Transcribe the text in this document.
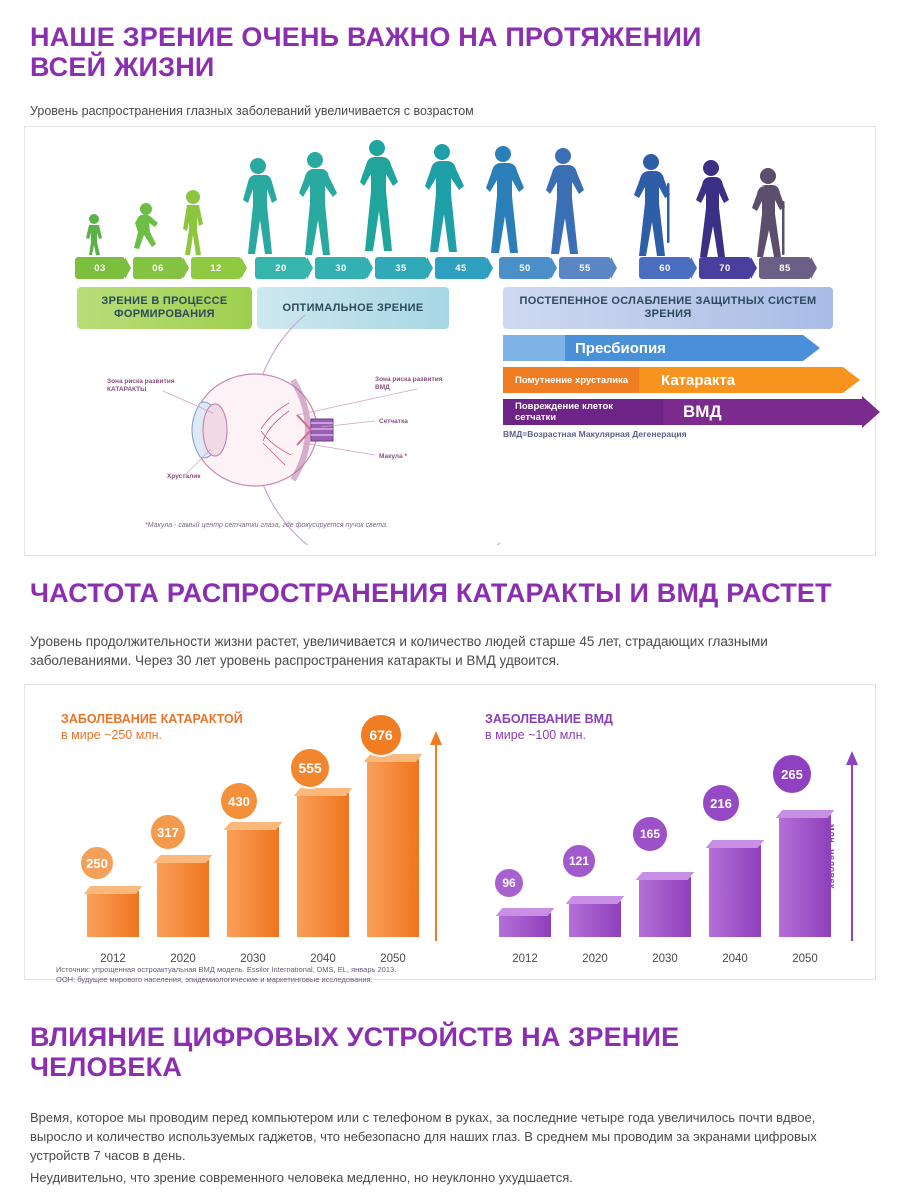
НАШЕ ЗРЕНИЕ ОЧЕНЬ ВАЖНО НА ПРОТЯЖЕНИИ ВСЕЙ ЖИЗНИ
Уровень распространения глазных заболеваний увеличивается с возрастом
03	06	12	20	30	35	45	50	55	60	70	85
ЗРЕНИЕ В ПРОЦЕССЕ ФОРМИРОВАНИЯ
ОПТИМАЛЬНОЕ ЗРЕНИЕ
ПОСТЕПЕННОЕ ОСЛАБЛЕНИЕ ЗАЩИТНЫХ СИСТЕМ ЗРЕНИЯ
Пресбиопия
Помутнение хрусталика	Катаракта
Повреждение клеток сетчатки	ВМД
ВМД=Возрастная Макулярная Дегенерация
Зона риска развития КАТАРАКТЫ
Зона риска развития ВМД
Сетчатка
Макула *
Хрусталик
*Макула - самый центр сетчатки глаза, где фокусируется пучок света.
ЧАСТОТА РАСПРОСТРАНЕНИЯ КАТАРАКТЫ И ВМД РАСТЕТ
Уровень продолжительности жизни растет, увеличивается и количество людей старше 45 лет, страдающих глазными заболеваниями. Через 30 лет уровень распространения катаракты и ВМД удвоится.
ЗАБОЛЕВАНИЕ КАТАРАКТОЙ
в мире ~250 млн.
250
317
430
555
676
2012	2020	2030	2040	2050
млн. человек
ЗАБОЛЕВАНИЕ ВМД
в мире ~100 млн.
96
121
165
216
265
2012	2020	2030	2040	2050
млн. человек
Источник: упрощенная остроактуальная ВМД модель. Essilor International, DMS, EL, январь 2013.
ООН: будущее мирового населения, эпидемиологические и маркетинговые исследования.
ВЛИЯНИЕ ЦИФРОВЫХ УСТРОЙСТВ НА ЗРЕНИЕ ЧЕЛОВЕКА

Время, которое мы проводим перед компьютером или с телефоном в руках, за последние четыре года увеличилось почти вдвое, выросло и количество используемых гаджетов, что небезопасно для наших глаз. В среднем мы проводим за экранами цифровых устройств 7 часов в день.

Неудивительно, что зрение современного человека медленно, но неуклонно ухудшается.
